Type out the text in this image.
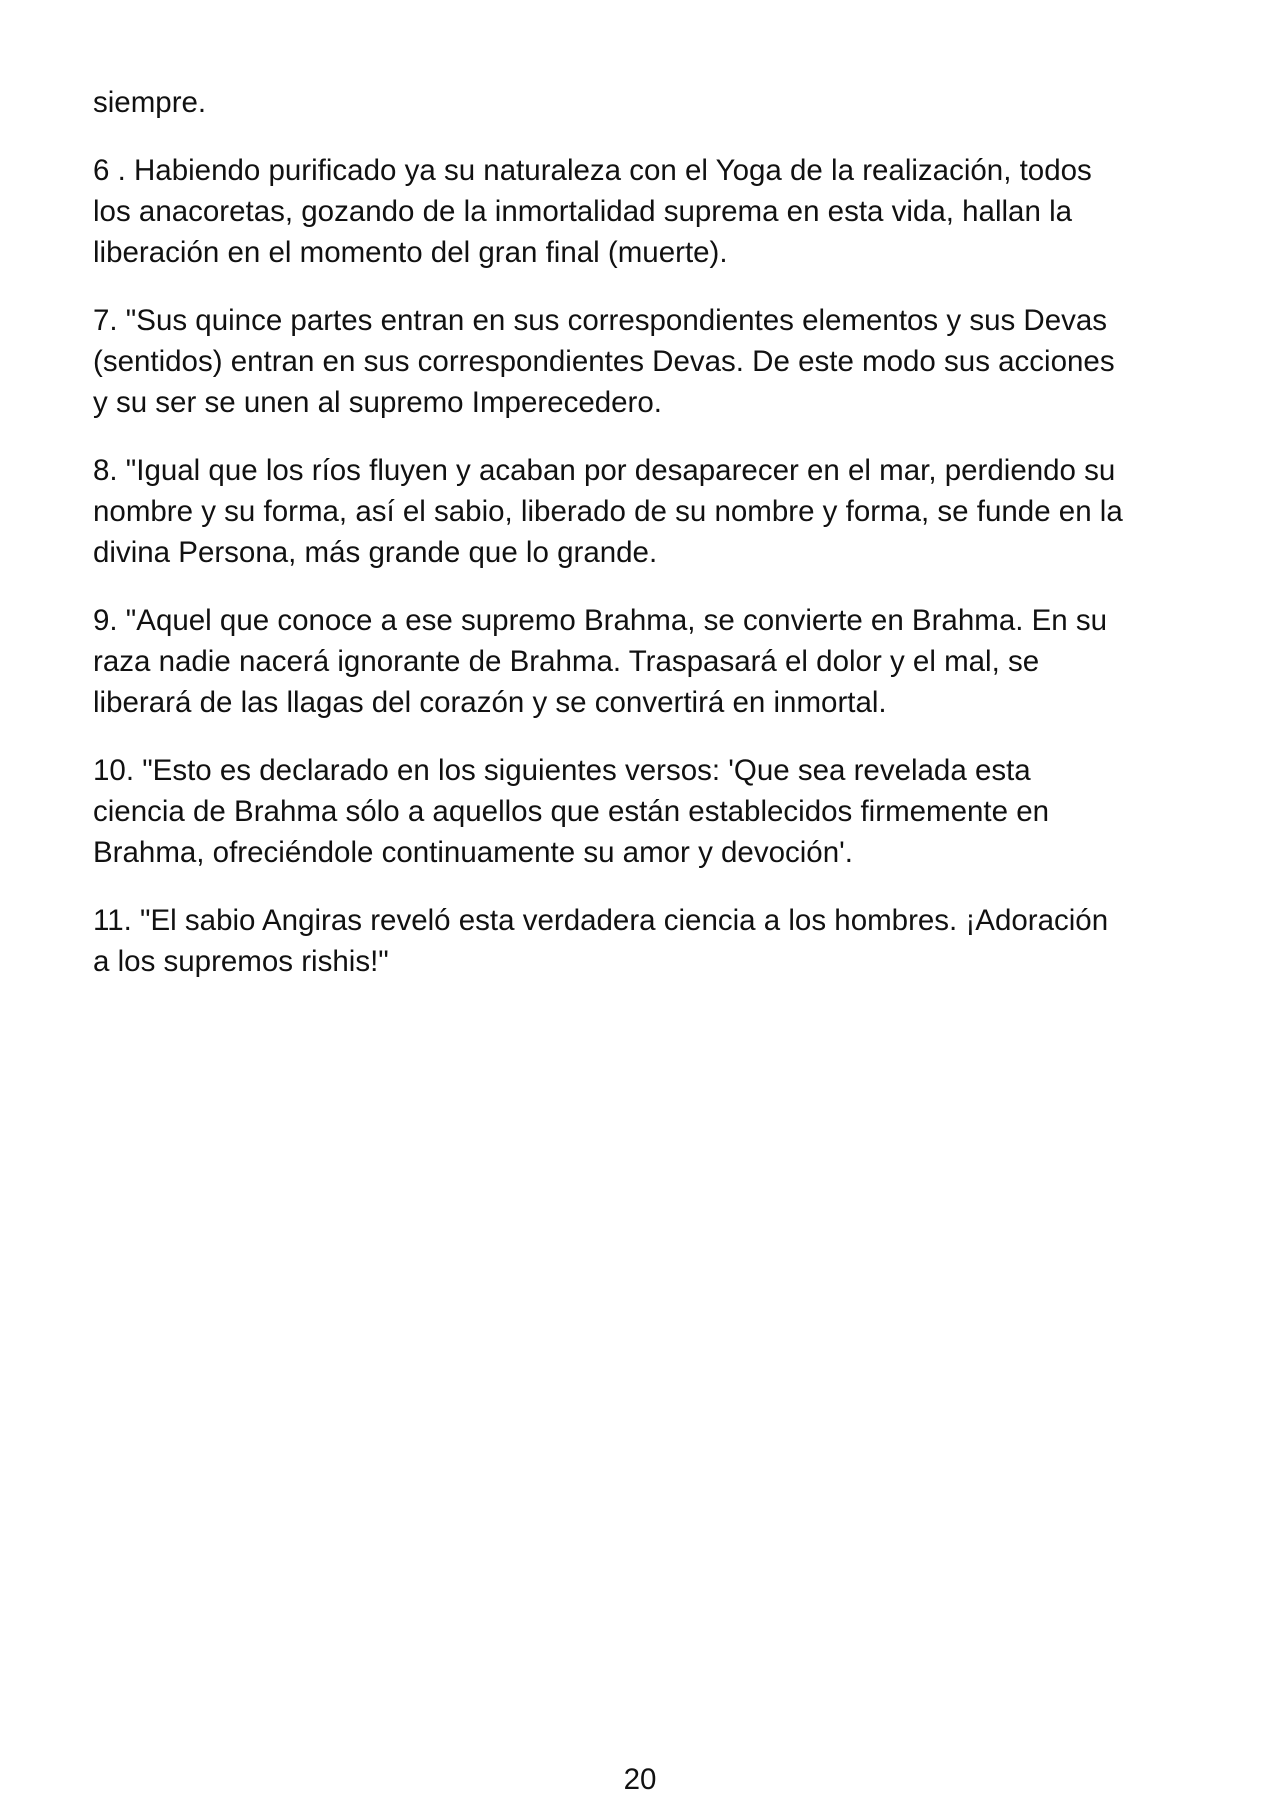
siempre.

6 . Habiendo purificado ya su naturaleza con el Yoga de la realización, todos
los anacoretas, gozando de la inmortalidad suprema en esta vida, hallan la
liberación en el momento del gran final (muerte).

7. "Sus quince partes entran en sus correspondientes elementos y sus Devas
(sentidos) entran en sus correspondientes Devas. De este modo sus acciones
y su ser se unen al supremo Imperecedero.

8. "Igual que los ríos fluyen y acaban por desaparecer en el mar, perdiendo su
nombre y su forma, así el sabio, liberado de su nombre y forma, se funde en la
divina Persona, más grande que lo grande.

9. "Aquel que conoce a ese supremo Brahma, se convierte en Brahma. En su
raza nadie nacerá ignorante de Brahma. Traspasará el dolor y el mal, se
liberará de las llagas del corazón y se convertirá en inmortal.

10. "Esto es declarado en los siguientes versos: 'Que sea revelada esta
ciencia de Brahma sólo a aquellos que están establecidos firmemente en
Brahma, ofreciéndole continuamente su amor y devoción'.

11. "El sabio Angiras reveló esta verdadera ciencia a los hombres. ¡Adoración
a los supremos rishis!"

20
